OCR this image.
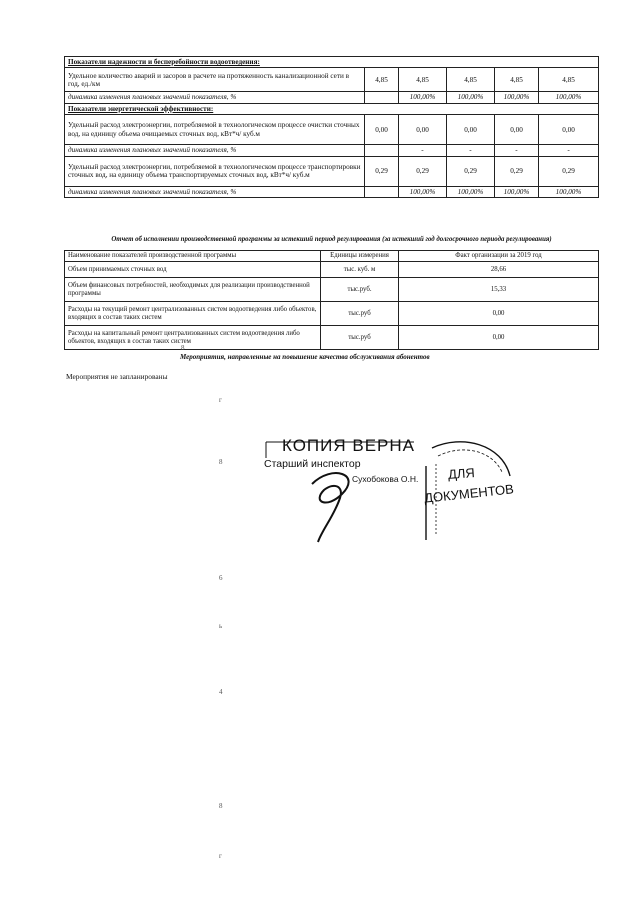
Показатели надежности и бесперебойности водоотведения:					
Удельное количество аварий и засоров в расчете на протяженность канализационной сети в год, ед./км	4,85	4,85	4,85	4,85	4,85
динамика изменения плановых значений показателя, %		100,00%	100,00%	100,00%	100,00%
Показатели энергетической эффективности:					
Удельный расход электроэнергии, потребляемой в технологическом процессе очистки сточных вод, на единицу объема очищаемых сточных вод, кВт*ч/ куб.м	0,00	0,00	0,00	0,00	0,00
динамика изменения плановых значений показателя, %		-	-	-	-
Удельный расход электроэнергии, потребляемой в технологическом процессе транспортировки сточных вод, на единицу объема транспортируемых сточных вод, кВт*ч/ куб.м	0,29	0,29	0,29	0,29	0,29
динамика изменения плановых значений показателя, %		100,00%	100,00%	100,00%	100,00%
Отчет об исполнении производственной программы за истекший период регулирования (за истекший год долгосрочного периода регулирования)		
Наименование показателей производственной программы	Единицы измерения	Факт организации за 2019 год
Объем принимаемых сточных вод	тыс. куб. м	28,66
Объем финансовых потребностей, необходимых для реализации производственной программы	тыс.руб.	15,33
Расходы на текущий ремонт централизованных систем водоотведения либо объектов, входящих в состав таких систем	тыс.руб	0,00
Расходы на капитальный ремонт централизованных систем водоотведения либо объектов, входящих в состав таких систем	тыс.руб	0,00
8
Мероприятия, направленные на повышение качества обслуживания абонентов
Мероприятия не запланированы
г
8
6
ь
4
8
г
КОПИЯ ВЕРНА
Старший инспектор
Сухобокова О.Н. ДЛЯ
ДОКУМЕНТОВ
